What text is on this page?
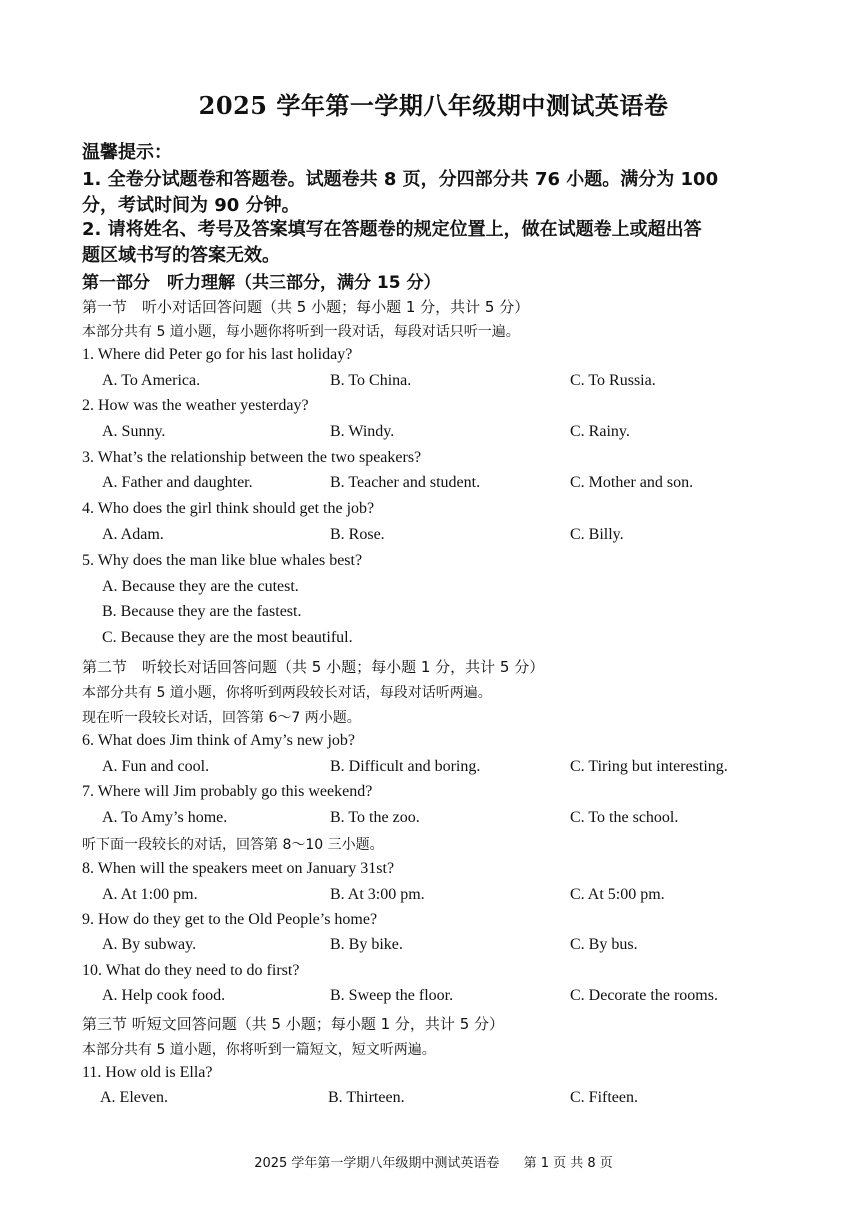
2025 学年第一学期八年级期中测试英语卷
温馨提示：
1. 全卷分试题卷和答题卷。试题卷共 8 页，分四部分共 76 小题。满分为 100
分，考试时间为 90 分钟。
2. 请将姓名、考号及答案填写在答题卷的规定位置上，做在试题卷上或超出答
题区域书写的答案无效。
第一部分　听力理解（共三部分，满分 15 分）
第一节　听小对话回答问题（共 5 小题；每小题 1 分，共计 5 分）
本部分共有 5 道小题，每小题你将听到一段对话，每段对话只听一遍。
1. Where did Peter go for his last holiday?
A. To America.	B. To China.	C. To Russia.
2. How was the weather yesterday?
A. Sunny.	B. Windy.	C. Rainy.
3. What’s the relationship between the two speakers?
A. Father and daughter.	B. Teacher and student.	C. Mother and son.
4. Who does the girl think should get the job?
A. Adam.	B. Rose.	C. Billy.
5. Why does the man like blue whales best?
A. Because they are the cutest.
B. Because they are the fastest.
C. Because they are the most beautiful.
第二节　听较长对话回答问题（共 5 小题；每小题 1 分，共计 5 分）
本部分共有 5 道小题，你将听到两段较长对话，每段对话听两遍。
现在听一段较长对话，回答第 6～7 两小题。
6. What does Jim think of Amy’s new job?
A. Fun and cool.	B. Difficult and boring.	C. Tiring but interesting.
7. Where will Jim probably go this weekend?
A. To Amy’s home.	B. To the zoo.	C. To the school.
听下面一段较长的对话，回答第 8～10 三小题。
8. When will the speakers meet on January 31st?
A. At 1:00 pm.	B. At 3:00 pm.	C. At 5:00 pm.
9. How do they get to the Old People’s home?
A. By subway.	B. By bike.	C. By bus.
10. What do they need to do first?
A. Help cook food.	B. Sweep the floor.	C. Decorate the rooms.
第三节 听短文回答问题（共 5 小题；每小题 1 分，共计 5 分）
本部分共有 5 道小题，你将听到一篇短文，短文听两遍。
11. How old is Ella?
A. Eleven.	B. Thirteen.	C. Fifteen.
2025 学年第一学期八年级期中测试英语卷 第 1 页 共 8 页
